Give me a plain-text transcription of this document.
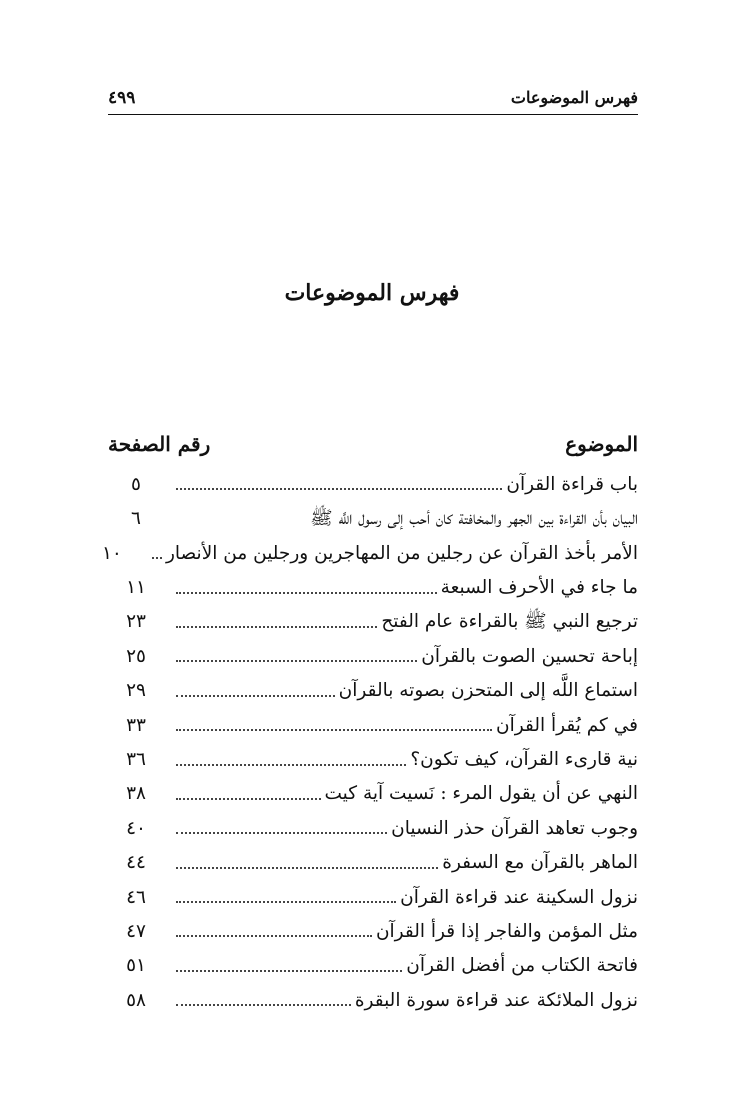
فهرس الموضوعات
٤٩٩
فهرس الموضوعات
الموضوع
رقم الصفحة
باب قراءة القرآن
٥
البيان بأن القراءة بين الجهر والمخافتة كان أحب إلى رسول اللَّه ﷺ
٦
الأمر بأخذ القرآن عن رجلين من المهاجرين ورجلين من الأنصار
١٠
ما جاء في الأحرف السبعة
١١
ترجيع النبي ﷺ بالقراءة عام الفتح
٢٣
إباحة تحسين الصوت بالقرآن
٢٥
استماع اللَّه إلى المتحزن بصوته بالقرآن
٢٩
في كم يُقرأ القرآن
٣٣
نية قارىء القرآن، كيف تكون؟
٣٦
النهي عن أن يقول المرء : نَسيت آية كيت
٣٨
وجوب تعاهد القرآن حذر النسيان
٤٠
الماهر بالقرآن مع السفرة
٤٤
نزول السكينة عند قراءة القرآن
٤٦
مثل المؤمن والفاجر إذا قرأ القرآن
٤٧
فاتحة الكتاب من أفضل القرآن
٥١
نزول الملائكة عند قراءة سورة البقرة
٥٨
